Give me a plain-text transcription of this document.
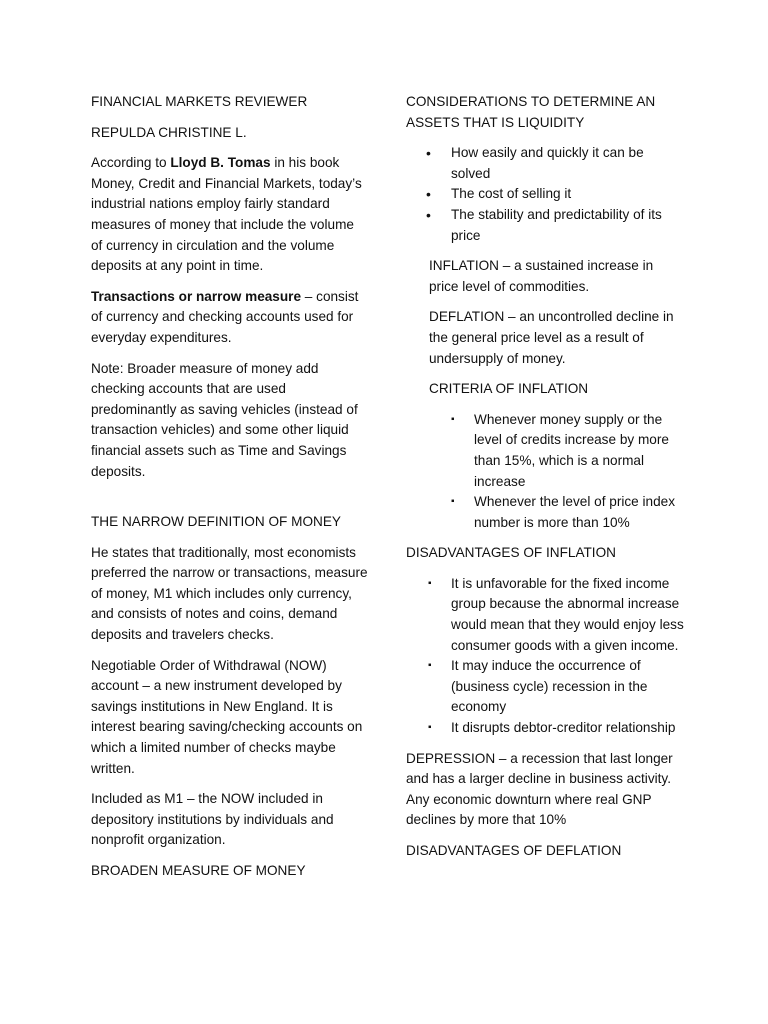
FINANCIAL MARKETS REVIEWER

REPULDA CHRISTINE L.

According to Lloyd B. Tomas in his book Money, Credit and Financial Markets, today’s industrial nations employ fairly standard measures of money that include the volume of currency in circulation and the volume deposits at any point in time.

Transactions or narrow measure – consist of currency and checking accounts used for everyday expenditures.

Note: Broader measure of money add checking accounts that are used predominantly as saving vehicles (instead of transaction vehicles) and some other liquid financial assets such as Time and Savings deposits.

THE NARROW DEFINITION OF MONEY

He states that traditionally, most economists preferred the narrow or transactions, measure of money, M1 which includes only currency, and consists of notes and coins, demand deposits and travelers checks.

Negotiable Order of Withdrawal (NOW) account – a new instrument developed by savings institutions in New England. It is interest bearing saving/checking accounts on which a limited number of checks maybe written.

Included as M1 – the NOW included in depository institutions by individuals and nonprofit organization.

BROADEN MEASURE OF MONEY

CONSIDERATIONS TO DETERMINE AN ASSETS THAT IS LIQUIDITY

• How easily and quickly it can be solved
• The cost of selling it
• The stability and predictability of its price

INFLATION – a sustained increase in price level of commodities.

DEFLATION – an uncontrolled decline in the general price level as a result of undersupply of money.

CRITERIA OF INFLATION

▪ Whenever money supply or the level of credits increase by more than 15%, which is a normal increase
▪ Whenever the level of price index number is more than 10%

DISADVANTAGES OF INFLATION

▪ It is unfavorable for the fixed income group because the abnormal increase would mean that they would enjoy less consumer goods with a given income.
▪ It may induce the occurrence of (business cycle) recession in the economy
▪ It disrupts debtor-creditor relationship

DEPRESSION – a recession that last longer and has a larger decline in business activity. Any economic downturn where real GNP declines by more that 10%

DISADVANTAGES OF DEFLATION
